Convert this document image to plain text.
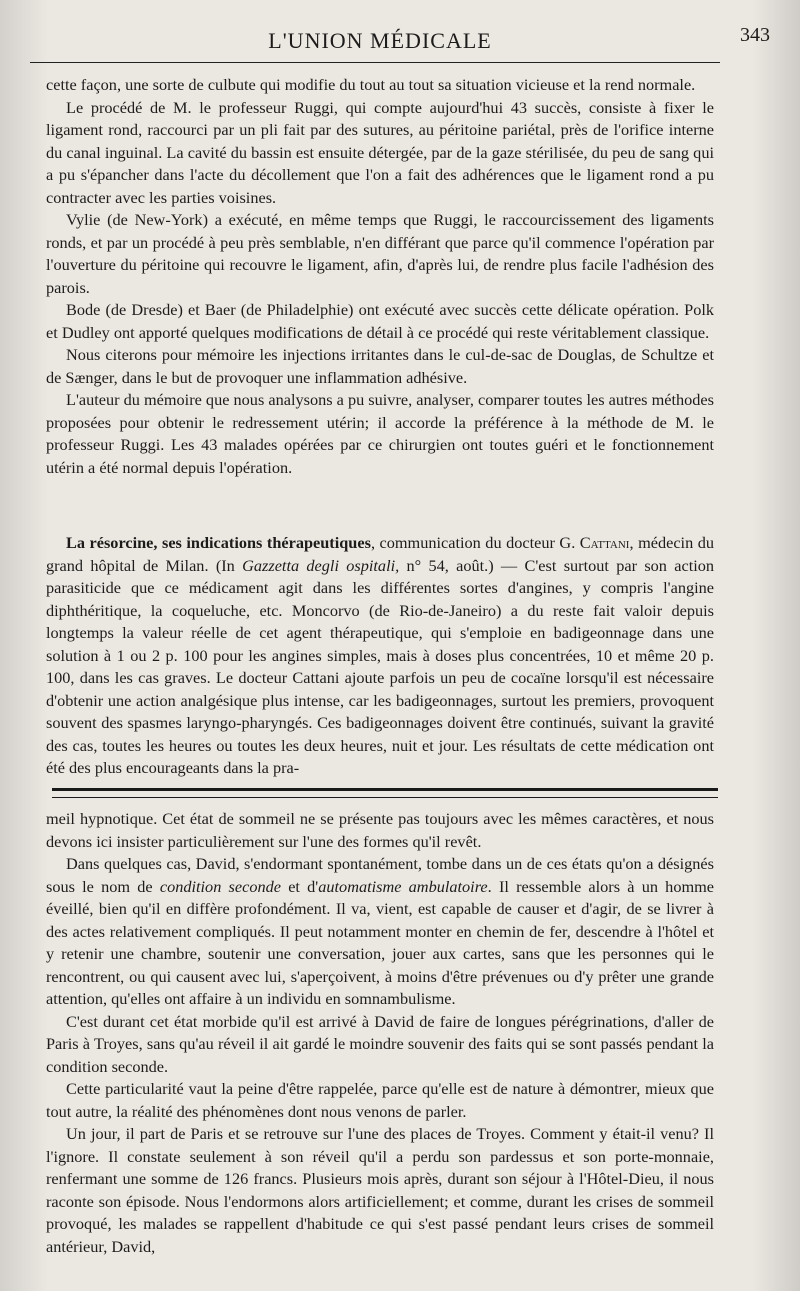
L'UNION MÉDICALE	343

cette façon, une sorte de culbute qui modifie du tout au tout sa situation vicieuse et la rend normale.

Le procédé de M. le professeur Ruggi, qui compte aujourd'hui 43 succès, consiste à fixer le ligament rond, raccourci par un pli fait par des sutures, au péritoine pariétal, près de l'orifice interne du canal inguinal. La cavité du bassin est ensuite détergée, par de la gaze stérilisée, du peu de sang qui a pu s'épancher dans l'acte du décollement que l'on a fait des adhérences que le ligament rond a pu contracter avec les parties voisines.

Vylie (de New-York) a exécuté, en même temps que Ruggi, le raccourcissement des ligaments ronds, et par un procédé à peu près semblable, n'en différant que parce qu'il commence l'opération par l'ouverture du péritoine qui recouvre le ligament, afin, d'après lui, de rendre plus facile l'adhésion des parois.

Bode (de Dresde) et Baer (de Philadelphie) ont exécuté avec succès cette délicate opération. Polk et Dudley ont apporté quelques modifications de détail à ce procédé qui reste véritablement classique.

Nous citerons pour mémoire les injections irritantes dans le cul-de-sac de Douglas, de Schultze et de Sænger, dans le but de provoquer une inflammation adhésive.

L'auteur du mémoire que nous analysons a pu suivre, analyser, comparer toutes les autres méthodes proposées pour obtenir le redressement utérin; il accorde la préférence à la méthode de M. le professeur Ruggi. Les 43 malades opérées par ce chirurgien ont toutes guéri et le fonctionnement utérin a été normal depuis l'opération.

La résorcine, ses indications thérapeutiques, communication du docteur G. Cattani, médecin du grand hôpital de Milan. (In Gazzetta degli ospitali, n° 54, août.) — C'est surtout par son action parasiticide que ce médicament agit dans les différentes sortes d'angines, y compris l'angine diphthéritique, la coqueluche, etc. Moncorvo (de Rio-de-Janeiro) a du reste fait valoir depuis longtemps la valeur réelle de cet agent thérapeutique, qui s'emploie en badigeonnage dans une solution à 1 ou 2 p. 100 pour les angines simples, mais à doses plus concentrées, 10 et même 20 p. 100, dans les cas graves. Le docteur Cattani ajoute parfois un peu de cocaïne lorsqu'il est nécessaire d'obtenir une action analgésique plus intense, car les badigeonnages, surtout les premiers, provoquent souvent des spasmes laryngo-pharyngés. Ces badigeonnages doivent être continués, suivant la gravité des cas, toutes les heures ou toutes les deux heures, nuit et jour. Les résultats de cette médication ont été des plus encourageants dans la pra-

meil hypnotique. Cet état de sommeil ne se présente pas toujours avec les mêmes caractères, et nous devons ici insister particulièrement sur l'une des formes qu'il revêt.

Dans quelques cas, David, s'endormant spontanément, tombe dans un de ces états qu'on a désignés sous le nom de condition seconde et d'automatisme ambulatoire. Il ressemble alors à un homme éveillé, bien qu'il en diffère profondément. Il va, vient, est capable de causer et d'agir, de se livrer à des actes relativement compliqués. Il peut notamment monter en chemin de fer, descendre à l'hôtel et y retenir une chambre, soutenir une conversation, jouer aux cartes, sans que les personnes qui le rencontrent, ou qui causent avec lui, s'aperçoivent, à moins d'être prévenues ou d'y prêter une grande attention, qu'elles ont affaire à un individu en somnambulisme.

C'est durant cet état morbide qu'il est arrivé à David de faire de longues pérégrinations, d'aller de Paris à Troyes, sans qu'au réveil il ait gardé le moindre souvenir des faits qui se sont passés pendant la condition seconde.

Cette particularité vaut la peine d'être rappelée, parce qu'elle est de nature à démontrer, mieux que tout autre, la réalité des phénomènes dont nous venons de parler.

Un jour, il part de Paris et se retrouve sur l'une des places de Troyes. Comment y était-il venu? Il l'ignore. Il constate seulement à son réveil qu'il a perdu son pardessus et son porte-monnaie, renfermant une somme de 126 francs. Plusieurs mois après, durant son séjour à l'Hôtel-Dieu, il nous raconte son épisode. Nous l'endormons alors artificiellement; et comme, durant les crises de sommeil provoqué, les malades se rappellent d'habitude ce qui s'est passé pendant leurs crises de sommeil antérieur, David,
